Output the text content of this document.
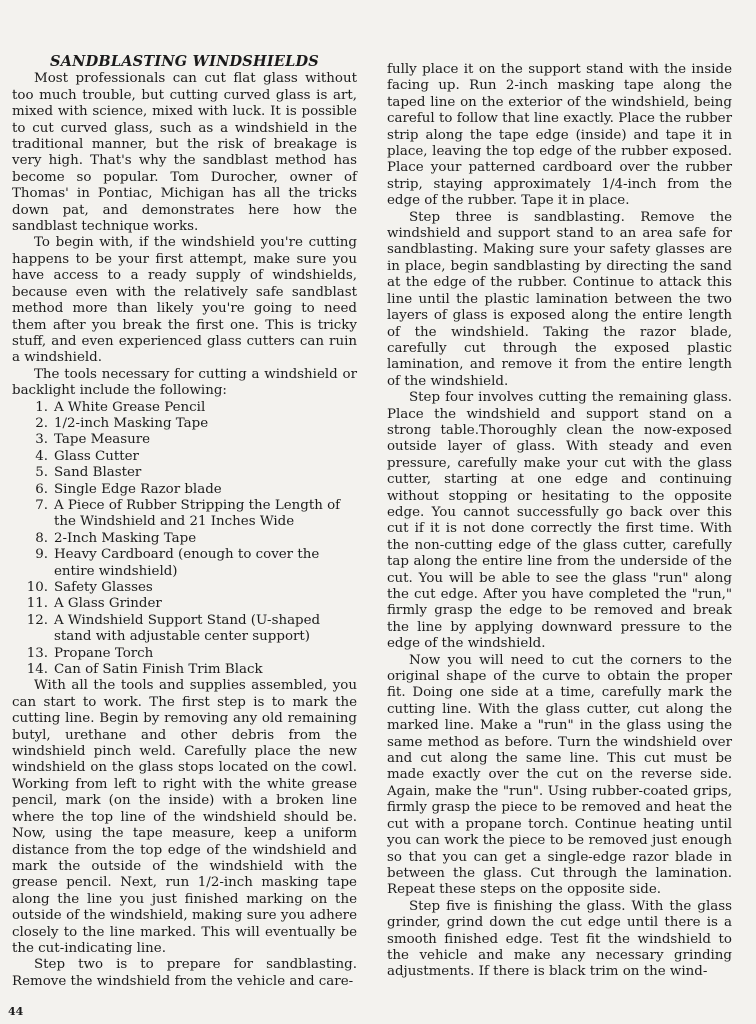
SANDBLASTING WINDSHIELDS

Most professionals can cut flat glass without too much trouble, but cutting curved glass is art, mixed with science, mixed with luck. It is possible to cut curved glass, such as a windshield in the traditional manner, but the risk of breakage is very high. That's why the sandblast method has become so popular. Tom Durocher, owner of Thomas' in Pontiac, Michigan has all the tricks down pat, and demonstrates here how the sandblast technique works.

To begin with, if the windshield you're cutting happens to be your first attempt, make sure you have access to a ready supply of windshields, because even with the relatively safe sandblast method more than likely you're going to need them after you break the first one. This is tricky stuff, and even experienced glass cutters can ruin a windshield.

The tools necessary for cutting a windshield or backlight include the following:

1. A White Grease Pencil
2. 1/2-inch Masking Tape
3. Tape Measure
4. Glass Cutter
5. Sand Blaster
6. Single Edge Razor blade
7. A Piece of Rubber Stripping the Length of the Windshield and 21 Inches Wide
8. 2-Inch Masking Tape
9. Heavy Cardboard (enough to cover the entire windshield)
10. Safety Glasses
11. A Glass Grinder
12. A Windshield Support Stand (U-shaped stand with adjustable center support)
13. Propane Torch
14. Can of Satin Finish Trim Black

With all the tools and supplies assembled, you can start to work. The first step is to mark the cutting line. Begin by removing any old remaining butyl, urethane and other debris from the windshield pinch weld. Carefully place the new windshield on the glass stops located on the cowl. Working from left to right with the white grease pencil, mark (on the inside) with a broken line where the top line of the windshield should be. Now, using the tape measure, keep a uniform distance from the top edge of the windshield and mark the outside of the windshield with the grease pencil. Next, run 1/2-inch masking tape along the line you just finished marking on the outside of the windshield, making sure you adhere closely to the line marked. This will eventually be the cut-indicating line.

Step two is to prepare for sandblasting. Remove the windshield from the vehicle and care-

fully place it on the support stand with the inside facing up. Run 2-inch masking tape along the taped line on the exterior of the windshield, being careful to follow that line exactly. Place the rubber strip along the tape edge (inside) and tape it in place, leaving the top edge of the rubber exposed. Place your patterned cardboard over the rubber strip, staying approximately 1/4-inch from the edge of the rubber. Tape it in place.

Step three is sandblasting. Remove the windshield and support stand to an area safe for sandblasting. Making sure your safety glasses are in place, begin sandblasting by directing the sand at the edge of the rubber. Continue to attack this line until the plastic lamination between the two layers of glass is exposed along the entire length of the windshield. Taking the razor blade, carefully cut through the exposed plastic lamination, and remove it from the entire length of the windshield.

Step four involves cutting the remaining glass. Place the windshield and support stand on a strong table.Thoroughly clean the now-exposed outside layer of glass. With steady and even pressure, carefully make your cut with the glass cutter, starting at one edge and continuing without stopping or hesitating to the opposite edge. You cannot successfully go back over this cut if it is not done correctly the first time. With the non-cutting edge of the glass cutter, carefully tap along the entire line from the underside of the cut. You will be able to see the glass "run" along the cut edge. After you have completed the "run," firmly grasp the edge to be removed and break the line by applying downward pressure to the edge of the windshield.

Now you will need to cut the corners to the original shape of the curve to obtain the proper fit. Doing one side at a time, carefully mark the cutting line. With the glass cutter, cut along the marked line. Make a "run" in the glass using the same method as before. Turn the windshield over and cut along the same line. This cut must be made exactly over the cut on the reverse side. Again, make the "run". Using rubber-coated grips, firmly grasp the piece to be removed and heat the cut with a propane torch. Continue heating until you can work the piece to be removed just enough so that you can get a single-edge razor blade in between the glass. Cut through the lamination. Repeat these steps on the opposite side.

Step five is finishing the glass. With the glass grinder, grind down the cut edge until there is a smooth finished edge. Test fit the windshield to the vehicle and make any necessary grinding adjustments. If there is black trim on the wind-

44
